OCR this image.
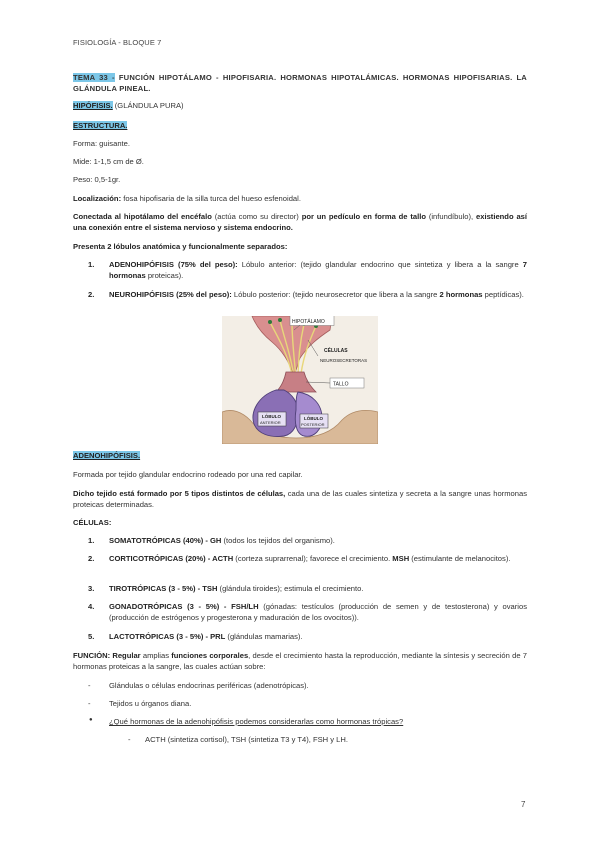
FISIOLOGÍA - BLOQUE 7
TEMA 33 - FUNCIÓN HIPOTÁLAMO - HIPOFISARIA. HORMONAS HIPOTALÁMICAS. HORMONAS HIPOFISARIAS. LA GLÁNDULA PINEAL.
HIPÓFISIS. (GLÁNDULA PURA)
ESTRUCTURA.
Forma: guisante.
Mide: 1-1,5 cm de Ø.
Peso: 0,5-1gr.
Localización: fosa hipofisaria de la silla turca del hueso esfenoidal.
Conectada al hipotálamo del encéfalo (actúa como su director) por un pedículo en forma de tallo (infundíbulo), existiendo así una conexión entre el sistema nervioso y sistema endocrino.
Presenta 2 lóbulos anatómica y funcionalmente separados:
1.	ADENOHIPÓFISIS (75% del peso): Lóbulo anterior: (tejido glandular endocrino que sintetiza y libera a la sangre 7 hormonas proteicas).
2.	NEUROHIPÓFISIS (25% del peso): Lóbulo posterior: (tejido neurosecretor que libera a la sangre 2 hormonas peptídicas).
HIPOTÁLAMO
CÉLULAS
NEUROSECRETORAS
TALLO
LÓBULO
ANTERIOR
LÓBULO
POSTERIOR
ADENOHIPÓFISIS.
Formada por tejido glandular endocrino rodeado por una red capilar.
Dicho tejido está formado por 5 tipos distintos de células, cada una de las cuales sintetiza y secreta a la sangre unas hormonas proteicas determinadas.
CÉLULAS:
1.	SOMATOTRÓPICAS (40%) - GH (todos los tejidos del organismo).
2.	CORTICOTRÓPICAS (20%) - ACTH (corteza suprarrenal); favorece el crecimiento. MSH (estimulante de melanocitos).
3.	TIROTRÓPICAS (3 - 5%) - TSH (glándula tiroides); estimula el crecimiento.
4.	GONADOTRÓPICAS (3 - 5%) - FSH/LH (gónadas: testículos (producción de semen y de testosterona) y ovarios (producción de estrógenos y progesterona y maduración de los ovocitos)).
5.	LACTOTRÓPICAS (3 - 5%) - PRL (glándulas mamarias).
FUNCIÓN: Regular amplias funciones corporales, desde el crecimiento hasta la reproducción, mediante la síntesis y secreción de 7 hormonas proteicas a la sangre, las cuales actúan sobre:
- Glándulas o células endocrinas periféricas (adenotrópicas).
- Tejidos u órganos diana.
● ¿Qué hormonas de la adenohipófisis podemos considerarlas como hormonas trópicas?
- ACTH (sintetiza cortisol), TSH (sintetiza T3 y T4), FSH y LH.
7
